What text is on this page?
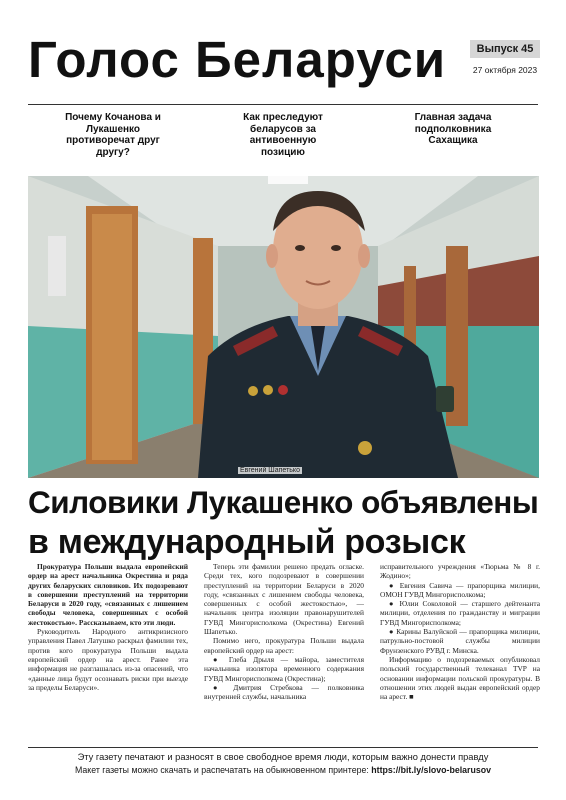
Голос Беларуси	Выпуск 45
27 октября 2023
Почему Кочанова и Лукашенко противоречат друг другу?
Как преследуют беларусов за антивоенную позицию
Главная задача подполковника Сахащика
Евгений Шапетько
Силовики Лукашенко объявлены
в международный розыск

Прокуратура Польши выдала европейский ордер на арест начальника Окрестина и ряда других беларуских силовиков. Их подозревают в совершении преступлений на территории Беларуси в 2020 году, «связанных с лишением свободы человека, совершенных с особой жестокостью». Рассказываем, кто эти люди.

Руководитель Народного антикризисного управления Павел Латушко раскрыл фамилии тех, против кого прокуратура Польши выдала европейский ордер на арест. Ранее эта информация не разглашалась из-за опасений, что «данные лица будут осознавать риски при выезде за пределы Беларуси».

Теперь эти фамилии решено предать огласке. Среди тех, кого подозревают в совершении преступлений на территории Беларуси в 2020 году, «связанных с лишением свободы человека, совершенных с особой жестокостью», — начальник центра изоляции правонарушителей ГУВД Мингорисполкома (Окрестина) Евгений Шапетько.

Помимо него, прокуратура Польши выдала европейский ордер на арест:

● Глеба Дрыля — майора, заместителя начальника изолятора временного содержания ГУВД Мингорисполкома (Окрестина);

● Дмитрия Стребкова — полковника внутренней службы, начальника

исправительного учреждения «Тюрьма № 8 г. Жодино»;

● Евгения Савича — прапорщика милиции, ОМОН ГУВД Мингорисполкома;

● Юлии Соколовой — старшего дейтенанта милиции, отделения по гражданству и миграции ГУВД Мингорисполкома;

● Карины Валуйской — прапорщика милиции, патрульно-постовой службы милиции Фрунзенского РУВД г. Минска.

Информацию о подозреваемых опубликовал польский государственный телеканал TVP на основании информации польской прокуратуры. В отношении этих людей выдан европейский ордер на арест. ■

Эту газету печатают и разносят в свое свободное время люди, которым важно донести правду
Макет газеты можно скачать и распечатать на обыкновенном принтере: https://bit.ly/slovo-belarusov
